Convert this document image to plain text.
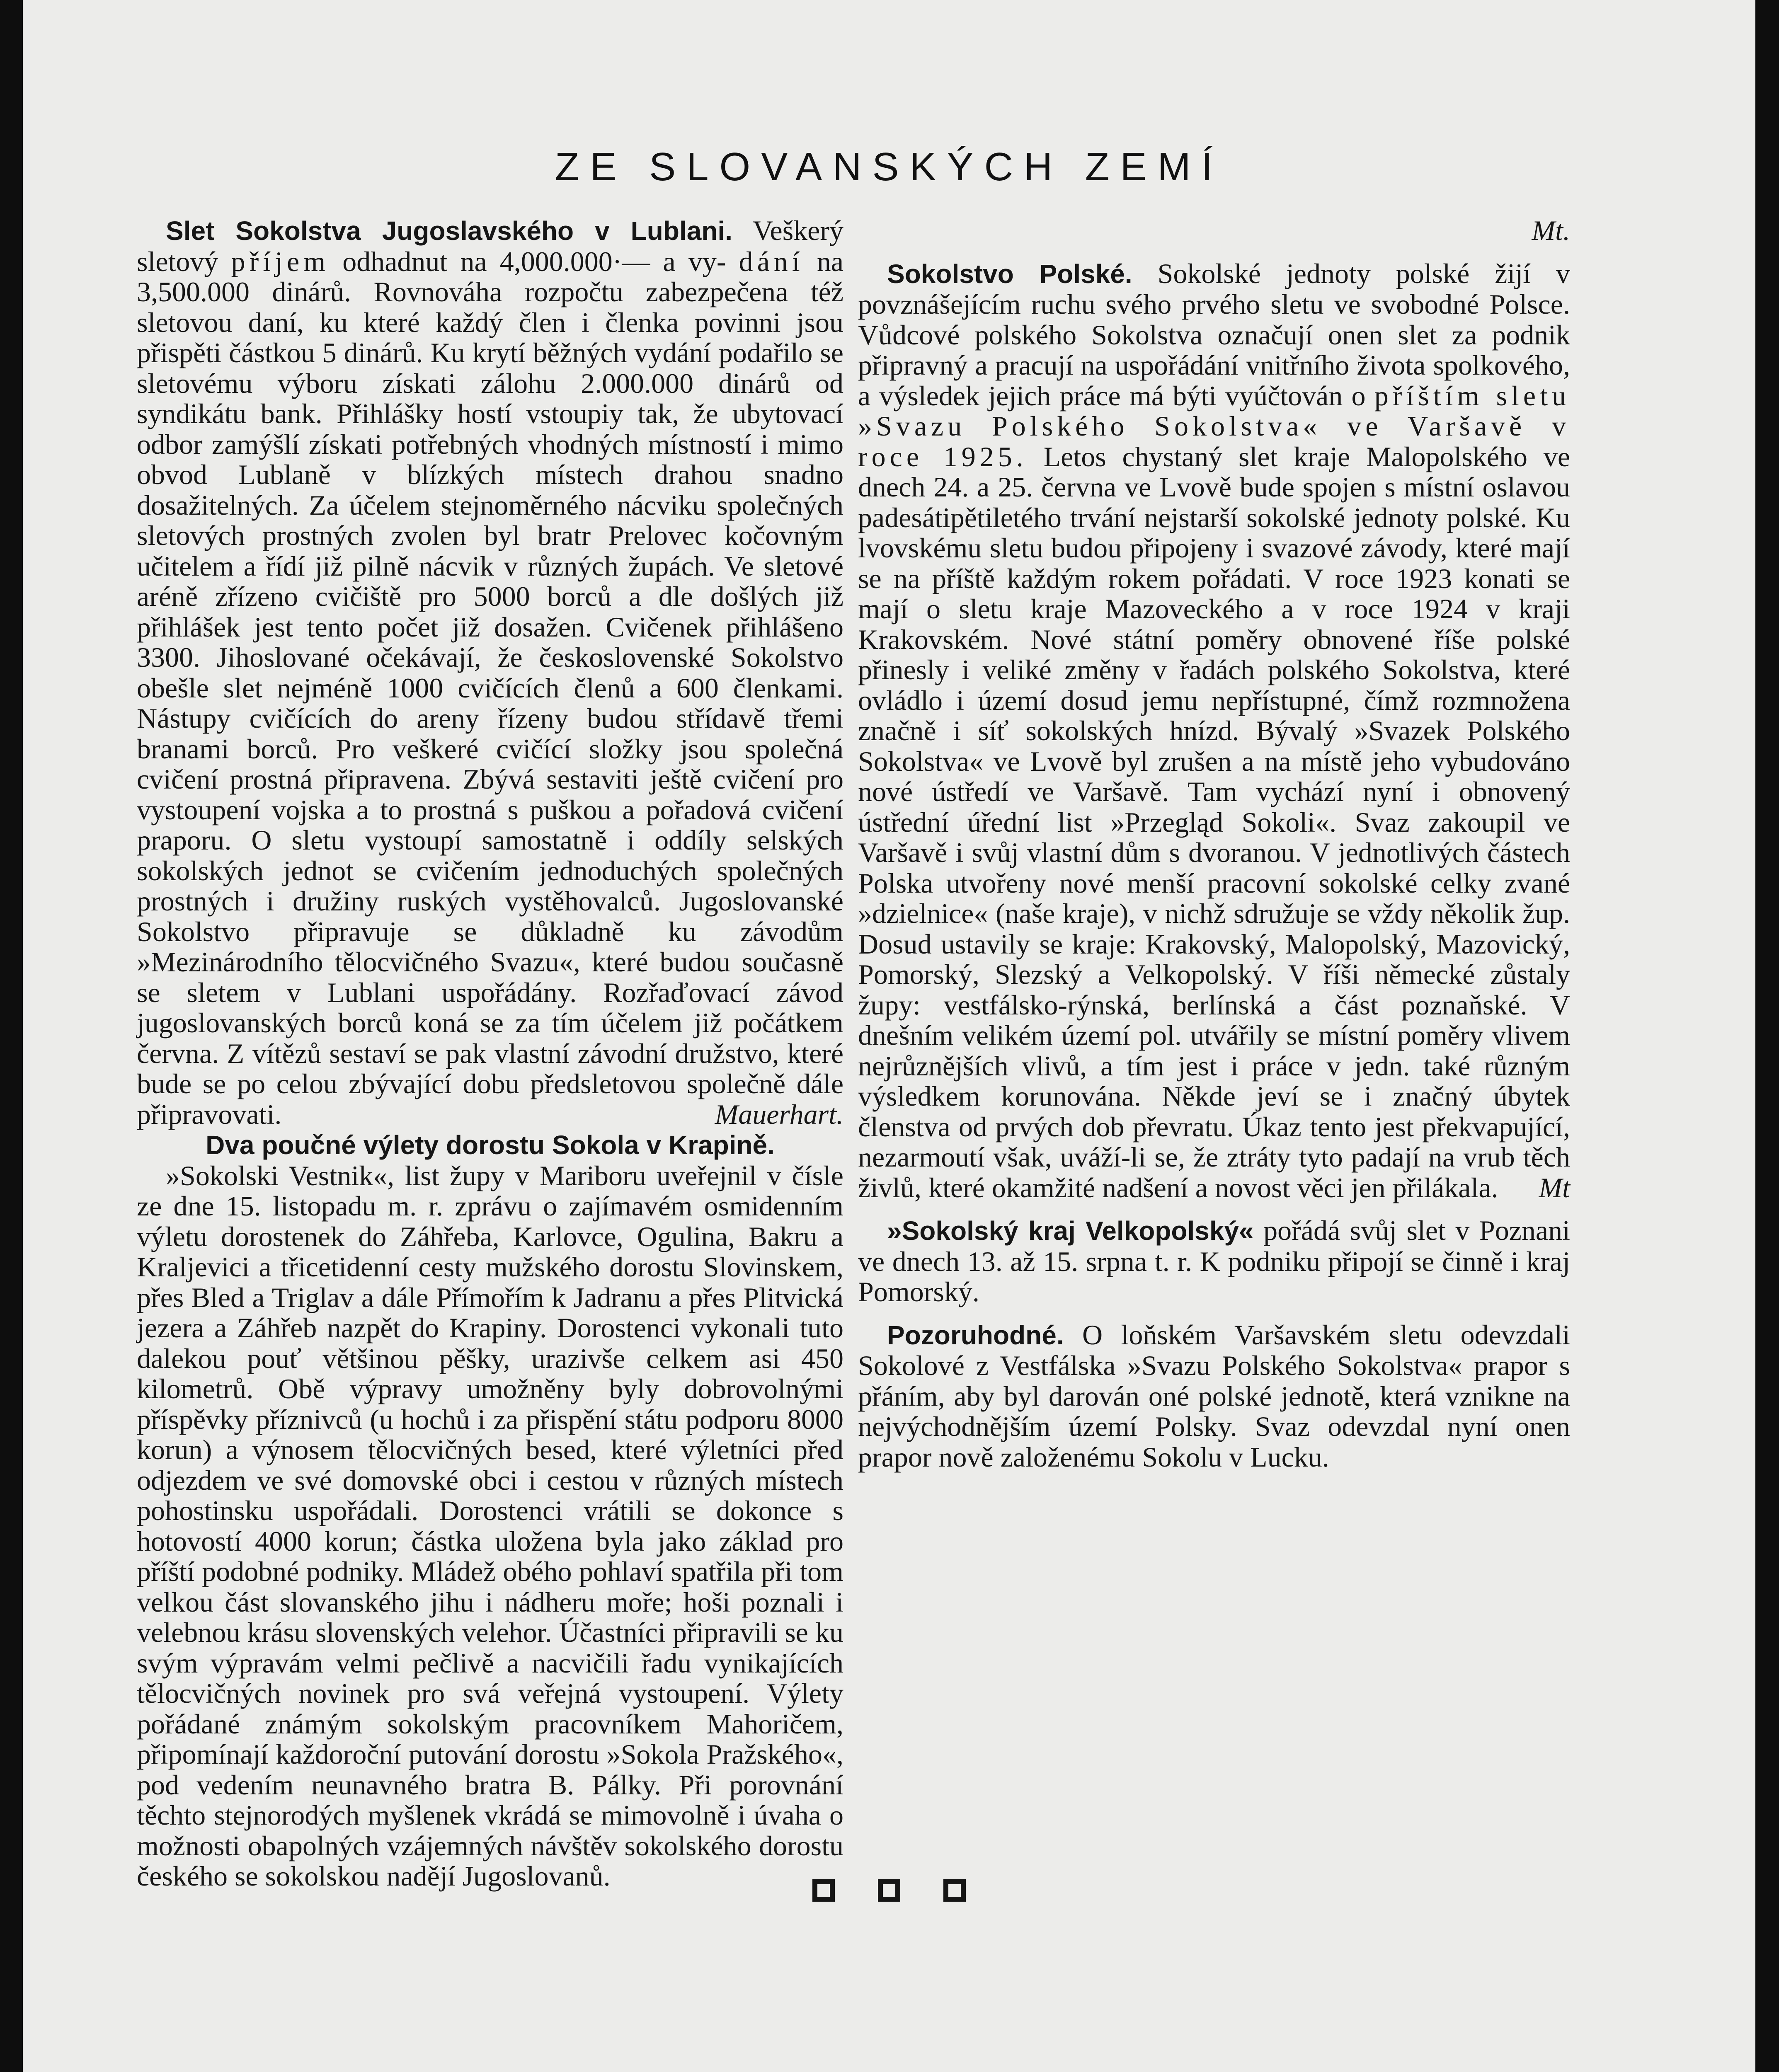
ZE SLOVANSKÝCH ZEMÍ

Slet Sokolstva Jugoslavského v Lublani. Veškerý sletový příjem odhadnut na 4,000.000·— a vy- dání na 3,500.000 dinárů. Rovnováha rozpočtu zabezpečena též sletovou daní, ku které každý člen i členka povinni jsou přispěti částkou 5 dinárů. Ku krytí běžných vydání podařilo se sletovému výboru získati zálohu 2.000.000 dinárů od syndikátu bank. Přihlášky hostí vstoupiy tak, že ubytovací odbor zamýšlí získati potřebných vhodných místností i mimo obvod Lublaně v blízkých místech drahou snadno dosažitelných. Za účelem stejnoměrného nácviku společných sletových prostných zvolen byl bratr Prelovec kočovným učitelem a řídí již pilně nácvik v různých župách. Ve sletové aréně zřízeno cvičiště pro 5000 borců a dle došlých již přihlášek jest tento počet již dosažen. Cvičenek přihlášeno 3300. Jihoslované očekávají, že československé Sokolstvo obešle slet nejméně 1000 cvičících členů a 600 členkami. Nástupy cvičících do areny řízeny budou střídavě třemi branami borců. Pro veškeré cvičící složky jsou společná cvičení prostná připravena. Zbývá sestaviti ještě cvičení pro vystoupení vojska a to prostná s puškou a pořadová cvičení praporu. O sletu vystoupí samostatně i oddíly selských sokolských jednot se cvičením jednoduchých společných prostných i družiny ruských vystěhovalců. Jugoslovanské Sokolstvo připravuje se důkladně ku závodům »Mezinárodního tělocvičného Svazu«, které budou současně se sletem v Lublani uspořádány. Rozřaďovací závod jugoslovanských borců koná se za tím účelem již počátkem června. Z vítězů sestaví se pak vlastní závodní družstvo, které bude se po celou zbývající dobu předsletovou společně dále připravovati.	Mauerhart.

Dva poučné výlety dorostu Sokola v Krapině.

»Sokolski Vestnik«, list župy v Mariboru uveřejnil v čísle ze dne 15. listopadu m. r. zprávu o zajímavém osmidenním výletu dorostenek do Záhřeba, Karlovce, Ogulina, Bakru a Kraljevici a třicetidenní cesty mužského dorostu Slovinskem, přes Bled a Triglav a dále Přímořím k Jadranu a přes Plitvická jezera a Záhřeb nazpět do Krapiny. Dorostenci vykonali tuto dalekou pouť většinou pěšky, urazivše celkem asi 450 kilometrů. Obě výpravy umožněny byly dobrovolnými příspěvky příznivců (u hochů i za přispění státu podporu 8000 korun) a výnosem tělocvičných besed, které výletníci před odjezdem ve své domovské obci i cestou v různých místech pohostinsku uspořádali. Dorostenci vrátili se dokonce s hotovostí 4000 korun; částka uložena byla jako základ pro příští podobné podniky. Mládež obého pohlaví spatřila při tom velkou část slovanského jihu i nádheru moře; hoši poznali i velebnou krásu slovenských velehor. Účastníci připravili se ku svým výpravám velmi pečlivě a nacvičili řadu vynikajících tělocvičných novinek pro svá veřejná vystoupení. Výlety pořádané známým sokolským pracovníkem Mahoričem, připomínají každoroční putování dorostu »Sokola Pražského«, pod vedením neunavného bratra B. Pálky. Při porovnání těchto stejnorodých myšlenek vkrádá se mimovolně i úvaha o možnosti obapolných vzájemných návštěv sokolského dorostu českého se sokolskou nadějí Jugoslovanů.

Mt.

Sokolstvo Polské. Sokolské jednoty polské žijí v povznášejícím ruchu svého prvého sletu ve svobodné Polsce. Vůdcové polského Sokolstva označují onen slet za podnik připravný a pracují na uspořádání vnitřního života spolkového, a výsledek jejich práce má býti vyúčtován o příštím sletu »Svazu Polského Sokolstva« ve Varšavě v roce 1925. Letos chystaný slet kraje Malopolského ve dnech 24. a 25. června ve Lvově bude spojen s místní oslavou padesátipětiletého trvání nejstarší sokolské jednoty polské. Ku lvovskému sletu budou připojeny i svazové závody, které mají se na příště každým rokem pořádati. V roce 1923 konati se mají o sletu kraje Mazoveckého a v roce 1924 v kraji Krakovském. Nové státní poměry obnovené říše polské přinesly i veliké změny v řadách polského Sokolstva, které ovládlo i území dosud jemu nepřístupné, čímž rozmnožena značně i síť sokolských hnízd. Bývalý »Svazek Polského Sokolstva« ve Lvově byl zrušen a na místě jeho vybudováno nové ústředí ve Varšavě. Tam vychází nyní i obnovený ústřední úřední list »Przegląd Sokoli«. Svaz zakoupil ve Varšavě i svůj vlastní dům s dvoranou. V jednotlivých částech Polska utvořeny nové menší pracovní sokolské celky zvané »dzielnice« (naše kraje), v nichž sdružuje se vždy několik žup. Dosud ustavily se kraje: Krakovský, Malopolský, Mazovický, Pomorský, Slezský a Velkopolský. V říši německé zůstaly župy: vestfálsko-rýnská, berlínská a část poznaňské. V dnešním velikém území pol. utvářily se místní poměry vlivem nejrůznějších vlivů, a tím jest i práce v jedn. také různým výsledkem korunována. Někde jeví se i značný úbytek členstva od prvých dob převratu. Úkaz tento jest překvapující, nezarmoutí však, uváží-li se, že ztráty tyto padají na vrub těch živlů, které okamžité nadšení a novost věci jen přilákala.	Mt

»Sokolský kraj Velkopolský« pořádá svůj slet v Poznani ve dnech 13. až 15. srpna t. r. K podniku připojí se činně i kraj Pomorský.

Pozoruhodné. O loňském Varšavském sletu odevzdali Sokolové z Vestfálska »Svazu Polského Sokolstva« prapor s přáním, aby byl darován oné polské jednotě, která vznikne na nejvýchodnějším území Polsky. Svaz odevzdal nyní onen prapor nově založenému Sokolu v Lucku.
